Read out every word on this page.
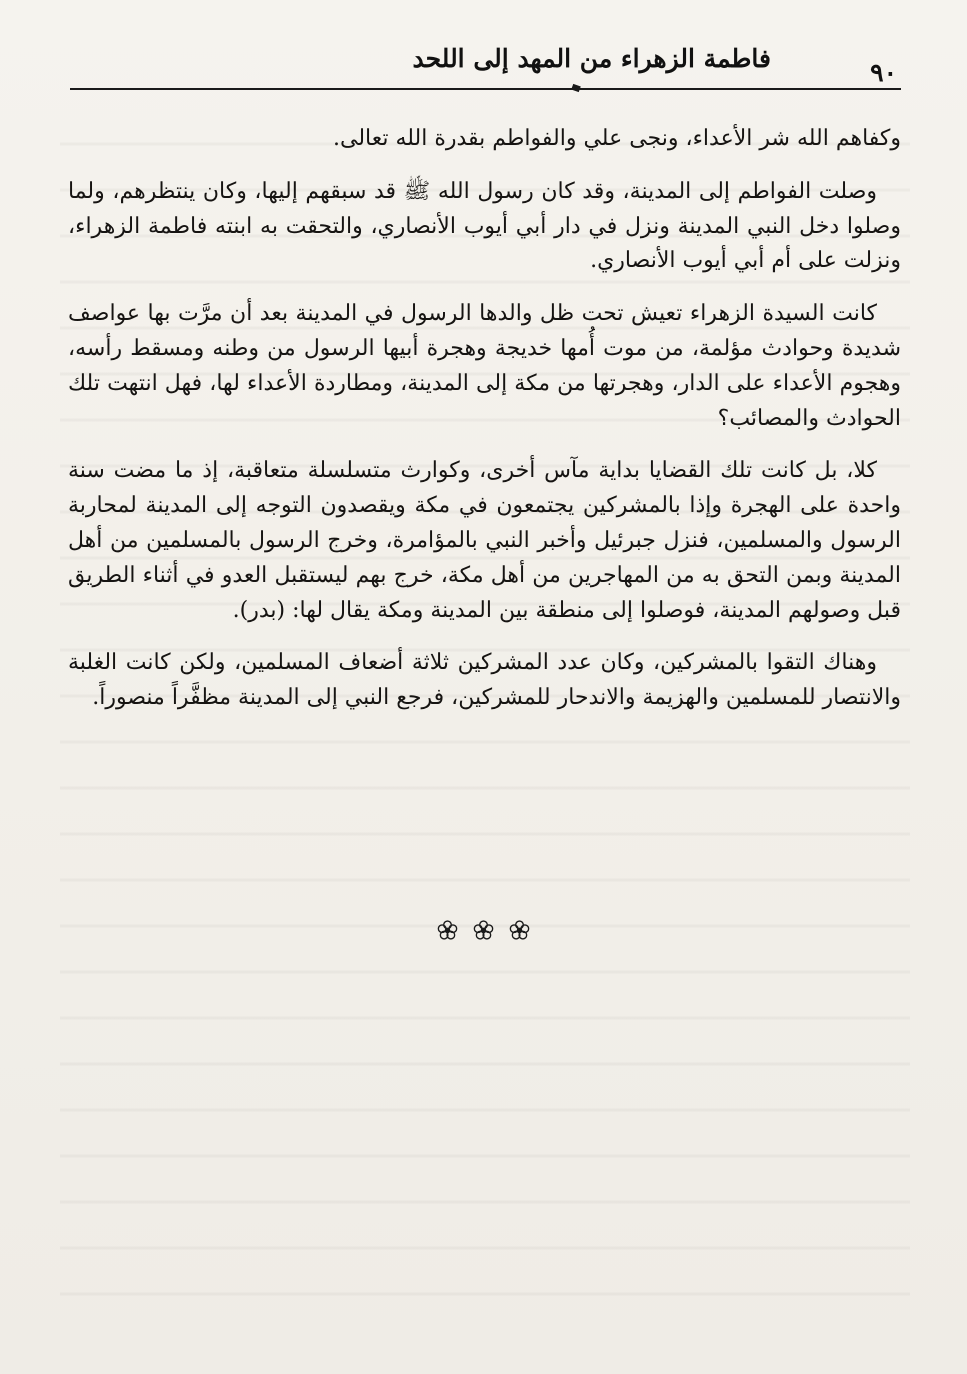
فاطمة الزهراء من المهد إلى اللحد	٩٠

وكفاهم الله شر الأعداء، ونجى علي والفواطم بقدرة الله تعالى.

وصلت الفواطم إلى المدينة، وقد كان رسول الله ﷺ قد سبقهم إليها، وكان ينتظرهم، ولما وصلوا دخل النبي المدينة ونزل في دار أبي أيوب الأنصاري، والتحقت به ابنته فاطمة الزهراء، ونزلت على أم أبي أيوب الأنصاري.

كانت السيدة الزهراء تعيش تحت ظل والدها الرسول في المدينة بعد أن مرَّت بها عواصف شديدة وحوادث مؤلمة، من موت أُمها خديجة وهجرة أبيها الرسول من وطنه ومسقط رأسه، وهجوم الأعداء على الدار، وهجرتها من مكة إلى المدينة، ومطاردة الأعداء لها، فهل انتهت تلك الحوادث والمصائب؟

كلا، بل كانت تلك القضايا بداية مآس أخرى، وكوارث متسلسلة متعاقبة، إذ ما مضت سنة واحدة على الهجرة وإذا بالمشركين يجتمعون في مكة ويقصدون التوجه إلى المدينة لمحاربة الرسول والمسلمين، فنزل جبرئيل وأخبر النبي بالمؤامرة، وخرج الرسول بالمسلمين من أهل المدينة وبمن التحق به من المهاجرين من أهل مكة، خرج بهم ليستقبل العدو في أثناء الطريق قبل وصولهم المدينة، فوصلوا إلى منطقة بين المدينة ومكة يقال لها: (بدر).

وهناك التقوا بالمشركين، وكان عدد المشركين ثلاثة أضعاف المسلمين، ولكن كانت الغلبة والانتصار للمسلمين والهزيمة والاندحار للمشركين، فرجع النبي إلى المدينة مظفَّراً منصوراً.
